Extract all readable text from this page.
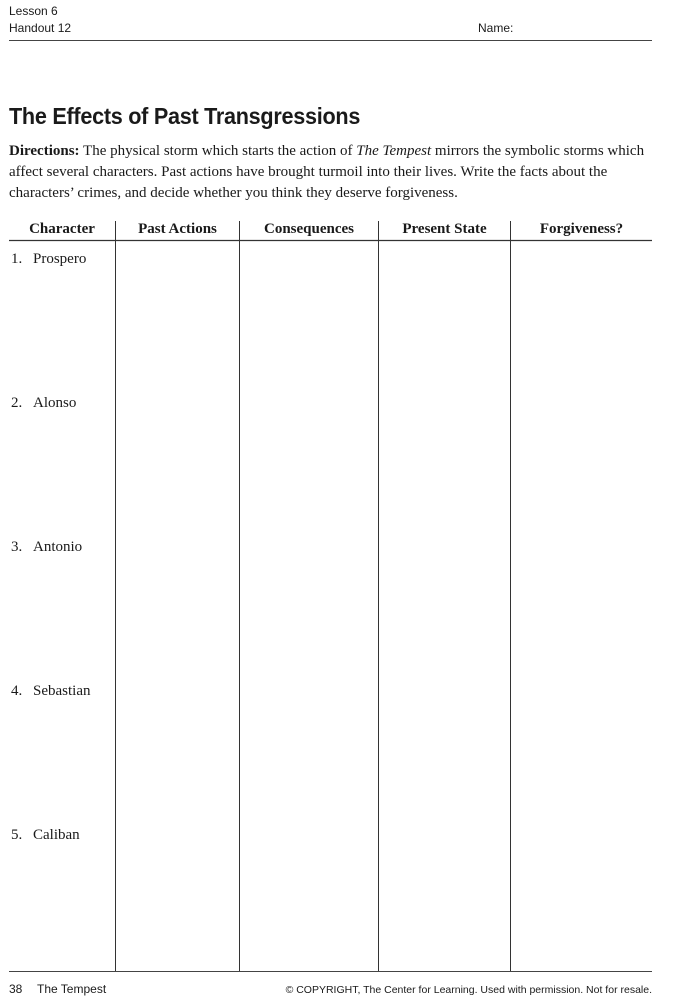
Lesson 6
Handout 12	Name:
The Effects of Past Transgressions

Directions: The physical storm which starts the action of The Tempest mirrors the symbolic storms which affect several characters. Past actions have brought turmoil into their lives. Write the facts about the characters’ crimes, and decide whether you think they deserve forgiveness.

Character	Past Actions	Consequences	Present State	Forgiveness?
1. Prospero
2. Alonso
3. Antonio
4. Sebastian
5. Caliban
38 The Tempest	© COPYRIGHT, The Center for Learning. Used with permission. Not for resale.
